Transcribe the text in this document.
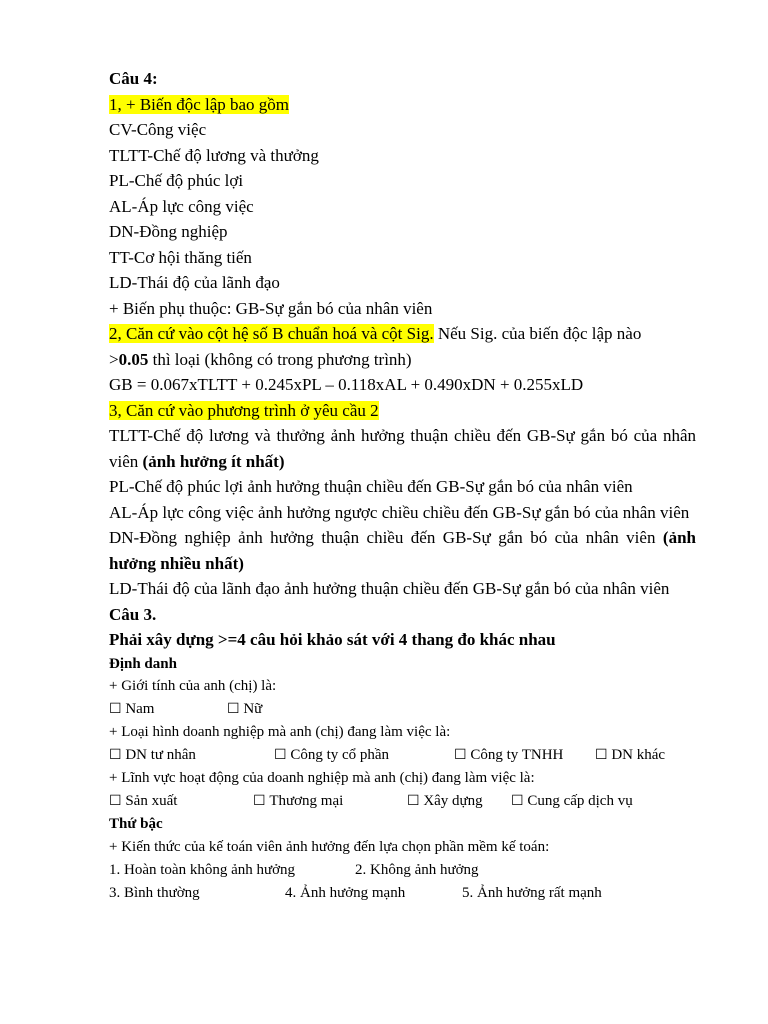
Câu 4:
1, + Biến độc lập bao gồm
CV-Công việc
TLTT-Chế độ lương và thưởng
PL-Chế độ phúc lợi
AL-Áp lực công việc
DN-Đồng nghiệp
TT-Cơ hội thăng tiến
LD-Thái độ của lãnh đạo
+ Biến phụ thuộc: GB-Sự gắn bó của nhân viên
2, Căn cứ vào cột hệ số B chuẩn hoá và cột Sig. Nếu Sig. của biến độc lập nào
>0.05 thì loại (không có trong phương trình)
GB = 0.067xTLTT + 0.245xPL – 0.118xAL + 0.490xDN + 0.255xLD
3, Căn cứ vào phương trình ở yêu cầu 2
TLTT-Chế độ lương và thưởng ảnh hưởng thuận chiều đến GB-Sự gắn bó của nhân viên (ảnh hưởng ít nhất)
PL-Chế độ phúc lợi ảnh hưởng thuận chiều đến GB-Sự gắn bó của nhân viên
AL-Áp lực công việc ảnh hưởng ngược chiều chiều đến GB-Sự gắn bó của nhân viên
DN-Đồng nghiệp ảnh hưởng thuận chiều đến GB-Sự gắn bó của nhân viên (ảnh hưởng nhiều nhất)
LD-Thái độ của lãnh đạo ảnh hưởng thuận chiều đến GB-Sự gắn bó của nhân viên
Câu 3.
Phải xây dựng >=4 câu hỏi khảo sát với 4 thang đo khác nhau
Định danh
+ Giới tính của anh (chị) là:
☐ Nam	☐ Nữ
+ Loại hình doanh nghiệp mà anh (chị) đang làm việc là:
☐ DN tư nhân	☐ Công ty cổ phần	☐ Công ty TNHH	☐ DN khác
+ Lĩnh vực hoạt động của doanh nghiệp mà anh (chị) đang làm việc là:
☐ Sản xuất	☐ Thương mại	☐ Xây dựng	☐ Cung cấp dịch vụ
Thứ bậc
+ Kiến thức của kế toán viên ảnh hưởng đến lựa chọn phần mềm kế toán:
1. Hoàn toàn không ảnh hưởng	2. Không ảnh hưởng
3. Bình thường	4. Ảnh hưởng mạnh	5. Ảnh hưởng rất mạnh
